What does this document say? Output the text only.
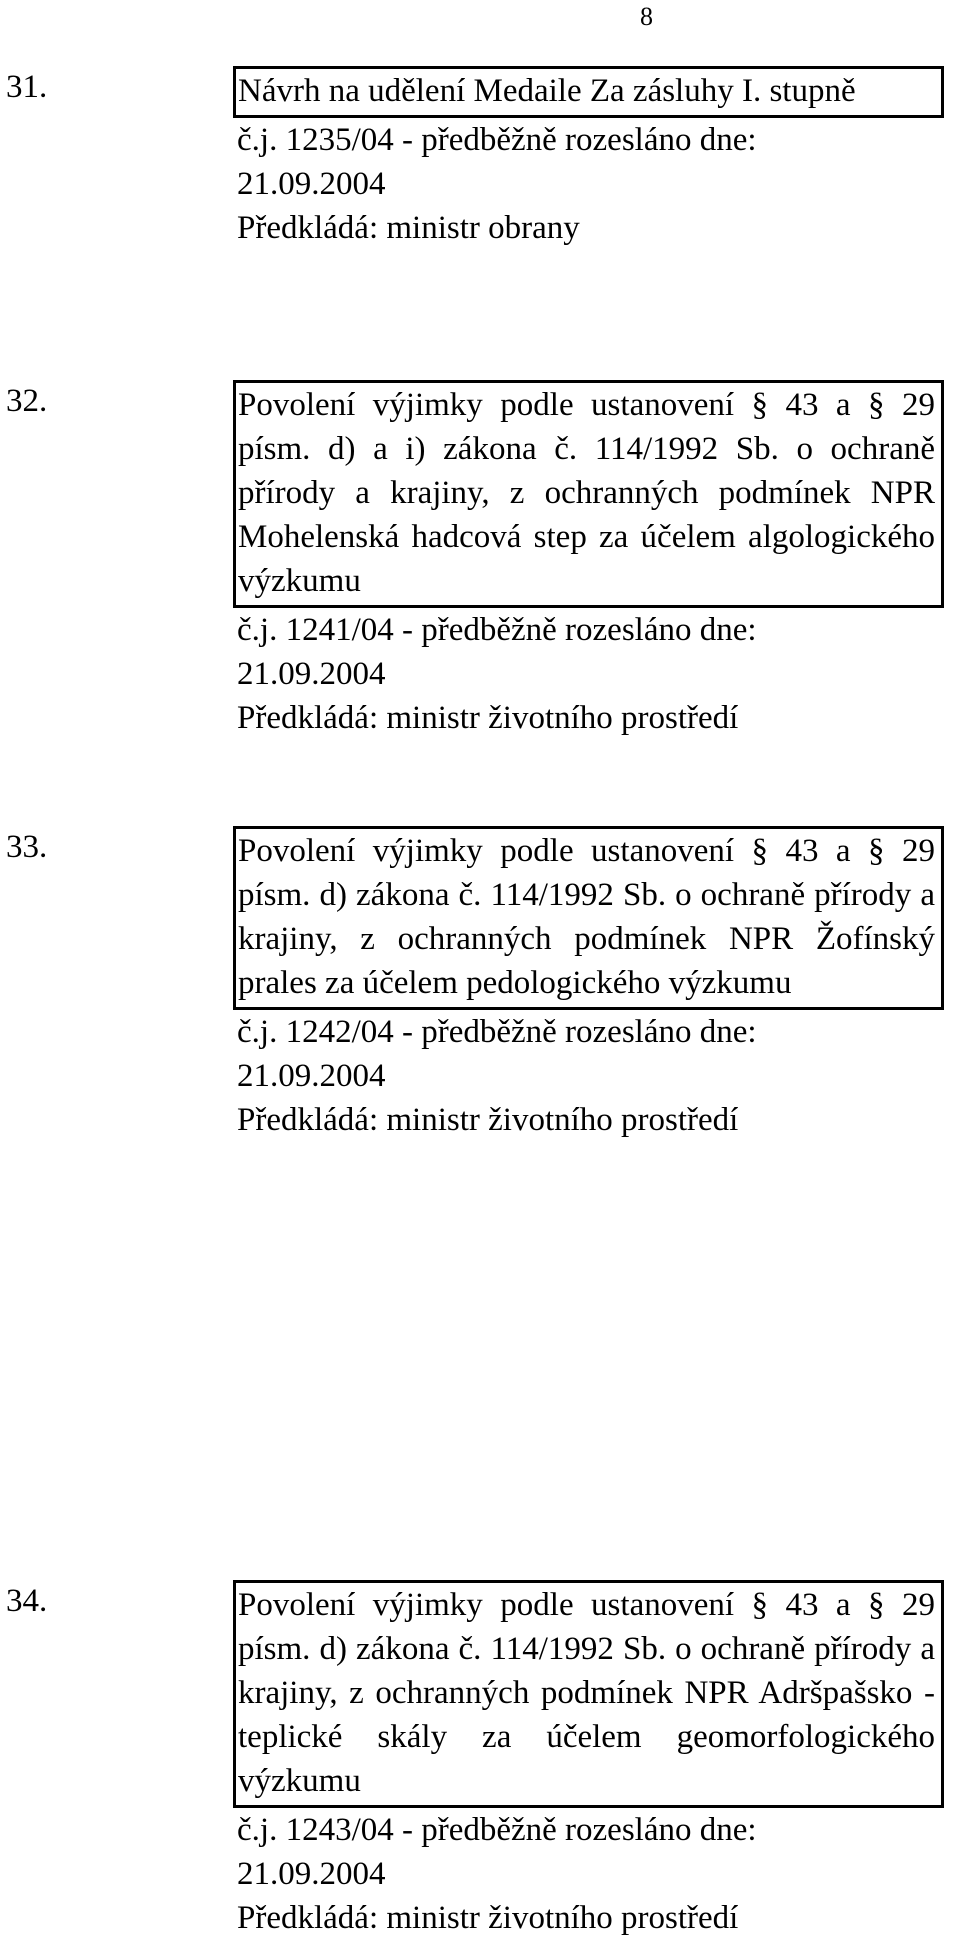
8
31.	Návrh na udělení Medaile Za zásluhy I. stupně
č.j. 1235/04 - předběžně rozesláno dne:
21.09.2004
Předkládá: ministr obrany
32.	Povolení výjimky podle ustanovení § 43 a § 29 písm. d) a i) zákona č. 114/1992 Sb. o ochraně přírody a krajiny, z ochranných podmínek NPR Mohelenská hadcová step za účelem algologického výzkumu
č.j. 1241/04 - předběžně rozesláno dne:
21.09.2004
Předkládá: ministr životního prostředí
33.	Povolení výjimky podle ustanovení § 43 a § 29 písm. d) zákona č. 114/1992 Sb. o ochraně přírody a krajiny, z ochranných podmínek NPR Žofínský prales za účelem pedologického výzkumu
č.j. 1242/04 - předběžně rozesláno dne:
21.09.2004
Předkládá: ministr životního prostředí
34.	Povolení výjimky podle ustanovení § 43 a § 29 písm. d) zákona č. 114/1992 Sb. o ochraně přírody a krajiny, z ochranných podmínek NPR Adršpašsko - teplické skály za účelem geomorfologického výzkumu
č.j. 1243/04 - předběžně rozesláno dne:
21.09.2004
Předkládá: ministr životního prostředí
